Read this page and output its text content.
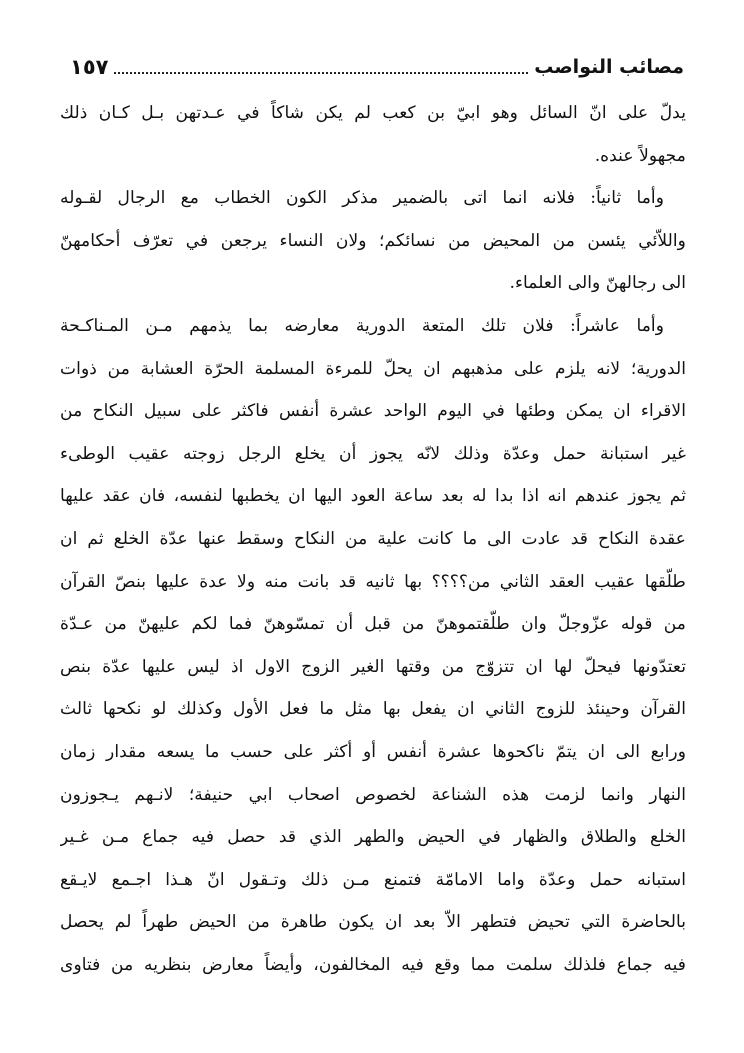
مصائب النواصب
١٥٧
يدلّ على انّ السائل وهو ابيّ بن كعب لم يكن شاكاً في عـدتهن بـل كـان ذلك
مجهولاً عنده.
وأما ثانياً: فلانه انما اتى بالضمير مذكر الكون الخطاب مع الرجال لقـوله
واللاّئي يئسن من المحيض من نسائكم؛ ولان النساء يرجعن في تعرّف أحكامهنّ
الى رجالهنّ والى العلماء.
وأما عاشراً: فلان تلك المتعة الدورية معارضه بما يذمهم مـن المـناكـحة
الدورية؛ لانه يلزم على مذهبهم ان يحلّ للمرءة المسلمة الحرّة العشابة من ذوات
الاقراء ان يمكن وطئها في اليوم الواحد عشرة أنفس فاكثر على سبيل النكاح من
غير استبانة حمل وعدّة وذلك لانّه يجوز أن يخلع الرجل زوجته عقيب الوطىء
ثم يجوز عندهم انه اذا بدا له بعد ساعة العود اليها ان يخطبها لنفسه، فان عقد عليها
عقدة النكاح قد عادت الى ما كانت علية من النكاح وسقط عنها عدّة الخلع ثم ان
طلّقها عقيب العقد الثاني من؟؟؟؟ بها ثانيه قد بانت منه ولا عدة عليها بنصّ القرآن
من قوله عزّوجلّ وان طلّقتموهنّ من قبل أن تمسّوهنّ فما لكم عليهنّ من عـدّة
تعتدّونها فيحلّ لها ان تتزوّج من وقتها الغير الزوج الاول اذ ليس عليها عدّة بنص
القرآن وحينئذ للزوج الثاني ان يفعل بها مثل ما فعل الأول وكذلك لو نكحها ثالث
ورابع الى ان يتمّ ناكحوها عشرة أنفس أو أكثر على حسب ما يسعه مقدار زمان
النهار وانما لزمت هذه الشناعة لخصوص اصحاب ابي حنيفة؛ لانـهم يـجوزون
الخلع والطلاق والظهار في الحيض والطهر الذي قد حصل فيه جماع مـن غـير
استبانه حمل وعدّة واما الامامّة فتمنع مـن ذلك وتـقول انّ هـذا اجـمع لايـقع
بالحاضرة التي تحيض فتطهر الاّ بعد ان يكون طاهرة من الحيض طهراً لم يحصل
فيه جماع فلذلك سلمت مما وقع فيه المخالفون، وأيضاً معارض بنظريه من فتاوى
